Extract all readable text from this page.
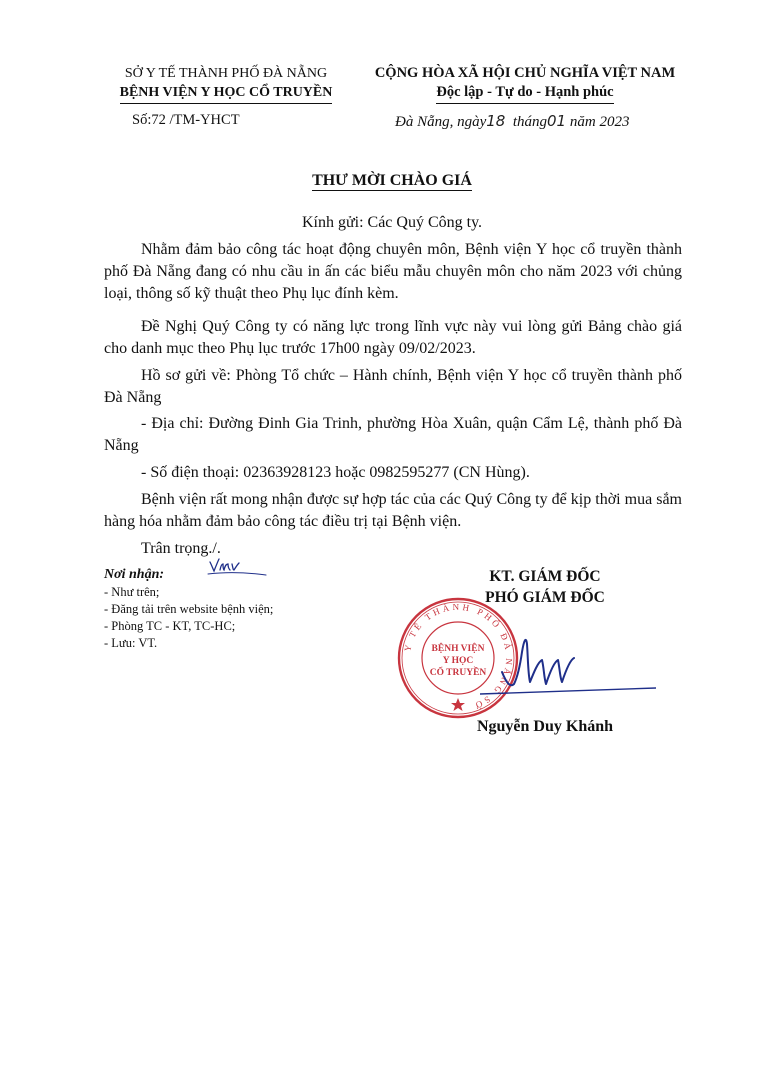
SỞ Y TẾ THÀNH PHỐ ĐÀ NẴNG
BỆNH VIỆN Y HỌC CỔ TRUYỀN
CỘNG HÒA XÃ HỘI CHỦ NGHĨA VIỆT NAM
Độc lập - Tự do - Hạnh phúc
Số:72 /TM-YHCT	Đà Nẵng, ngày18 tháng01 năm 2023
THƯ MỜI CHÀO GIÁ
Kính gửi: Các Quý Công ty.
Nhằm đảm bảo công tác hoạt động chuyên môn, Bệnh viện Y học cổ truyền thành phố Đà Nẵng đang có nhu cầu in ấn các biểu mẫu chuyên môn cho năm 2023 với chủng loại, thông số kỹ thuật theo Phụ lục đính kèm.
Đề Nghị Quý Công ty có năng lực trong lĩnh vực này vui lòng gửi Bảng chào giá cho danh mục theo Phụ lục trước 17h00 ngày 09/02/2023.
Hồ sơ gửi về: Phòng Tổ chức – Hành chính, Bệnh viện Y học cổ truyền thành phố Đà Nẵng
- Địa chỉ: Đường Đinh Gia Trinh, phường Hòa Xuân, quận Cẩm Lệ, thành phố Đà Nẵng
- Số điện thoại: 02363928123 hoặc 0982595277 (CN Hùng).
Bệnh viện rất mong nhận được sự hợp tác của các Quý Công ty để kịp thời mua sắm hàng hóa nhằm đảm bảo công tác điều trị tại Bệnh viện.
Trân trọng./.
Nơi nhận:
- Như trên;
- Đăng tải trên website bệnh viện;
- Phòng TC - KT, TC-HC;
- Lưu: VT.
KT. GIÁM ĐỐC
PHÓ GIÁM ĐỐC
Y TẾ THÀNH PHỐ ĐÀ NẴNG SỞ
BỆNH VIỆN
Y HỌC
CỔ TRUYỀN
Nguyễn Duy Khánh
